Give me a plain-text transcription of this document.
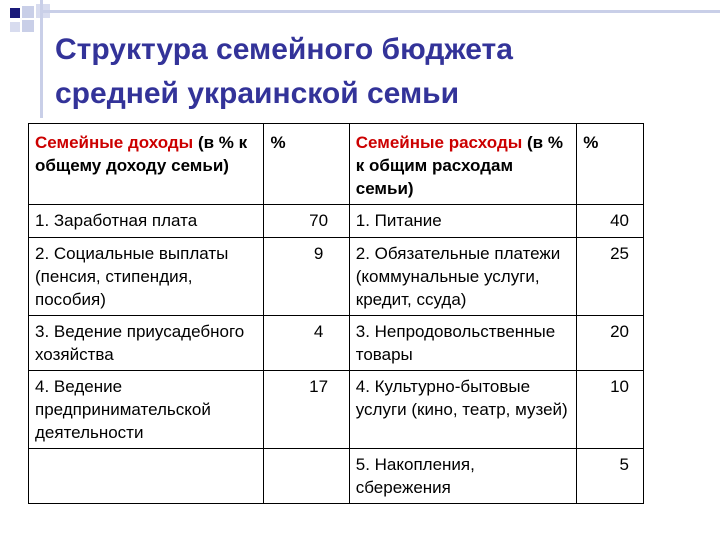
Структура семейного бюджета
средней украинской семьи
Семейные доходы (в % к общему доходу семьи)	%	Семейные расходы (в % к общим расходам семьи)	%
1. Заработная плата	70	1. Питание	40
2. Социальные выплаты (пенсия, стипендия, пособия)	9	2. Обязательные платежи (коммунальные услуги, кредит, ссуда)	25
3. Ведение приусадебного хозяйства	4	3. Непродовольственные товары	20
4. Ведение предпринимательской деятельности	17	4. Культурно-бытовые услуги (кино, театр, музей)	10
		5. Накопления, сбережения	5
